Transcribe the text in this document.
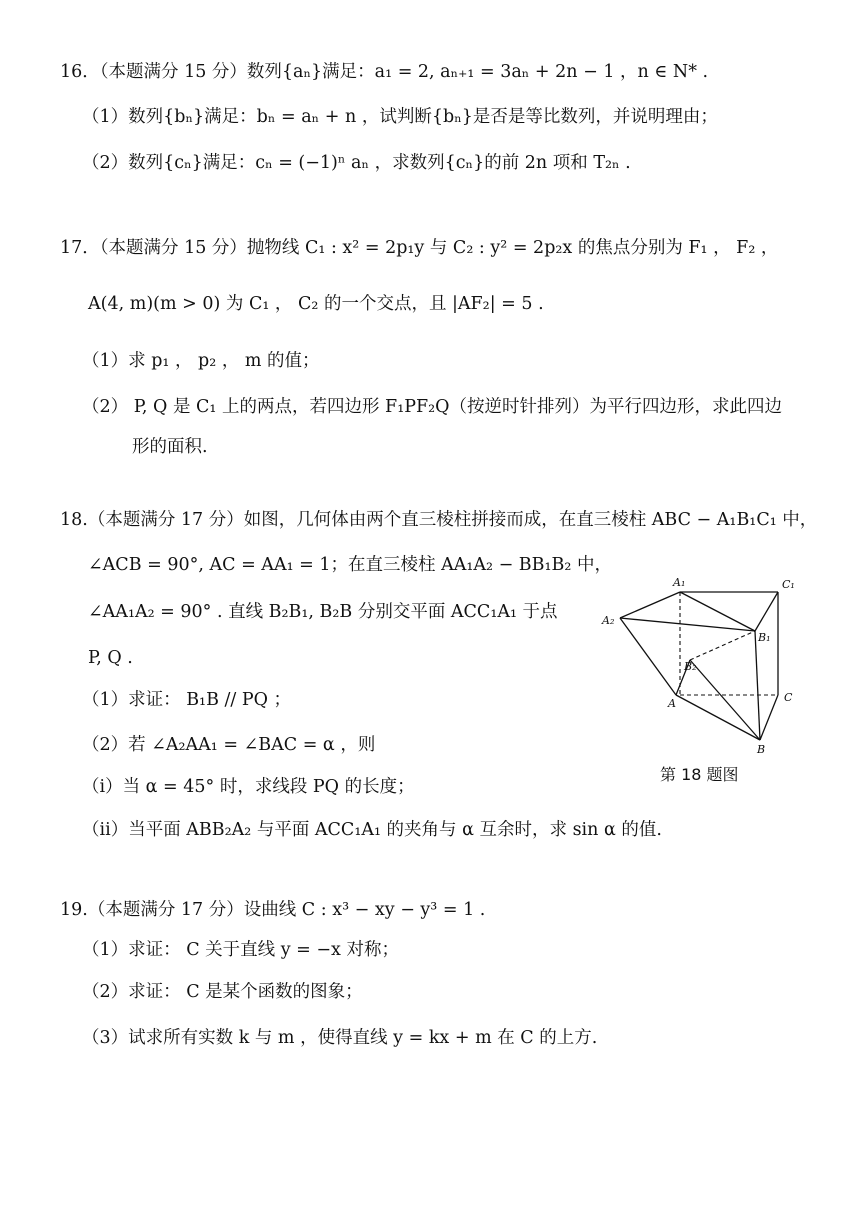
16．（本题满分 15 分）数列{aₙ}满足：a₁ = 2, aₙ₊₁ = 3aₙ + 2n − 1 ，n ∈ N* .
（1）数列{bₙ}满足：bₙ = aₙ + n ，试判断{bₙ}是否是等比数列，并说明理由；
（2）数列{cₙ}满足：cₙ = (−1)ⁿ aₙ ，求数列{cₙ}的前 2n 项和 T₂ₙ .
17．（本题满分 15 分）抛物线 C₁ : x² = 2p₁y 与 C₂ : y² = 2p₂x 的焦点分别为 F₁ ， F₂ ，
A(4, m)(m > 0) 为 C₁ ， C₂ 的一个交点，且 |AF₂| = 5 .
（1）求 p₁ ， p₂ ， m 的值；
（2） P, Q 是 C₁ 上的两点，若四边形 F₁PF₂Q（按逆时针排列）为平行四边形，求此四边
形的面积.
18.（本题满分 17 分）如图，几何体由两个直三棱柱拼接而成，在直三棱柱 ABC − A₁B₁C₁ 中，
∠ACB = 90°, AC = AA₁ = 1；在直三棱柱 AA₁A₂ − BB₁B₂ 中，
∠AA₁A₂ = 90° . 直线 B₂B₁, B₂B 分别交平面 ACC₁A₁ 于点
P, Q .
（1）求证： B₁B // PQ ；
（2）若 ∠A₂AA₁ = ∠BAC = α ，则
（i）当 α = 45° 时，求线段 PQ 的长度；
（ii）当平面 ABB₂A₂ 与平面 ACC₁A₁ 的夹角与 α 互余时，求 sin α 的值.
A₁	C₁
A₂
B₁
B₂
A	C
B
第 18 题图
19.（本题满分 17 分）设曲线 C : x³ − xy − y³ = 1 .
（1）求证： C 关于直线 y = −x 对称；
（2）求证： C 是某个函数的图象；
（3）试求所有实数 k 与 m ，使得直线 y = kx + m 在 C 的上方.
